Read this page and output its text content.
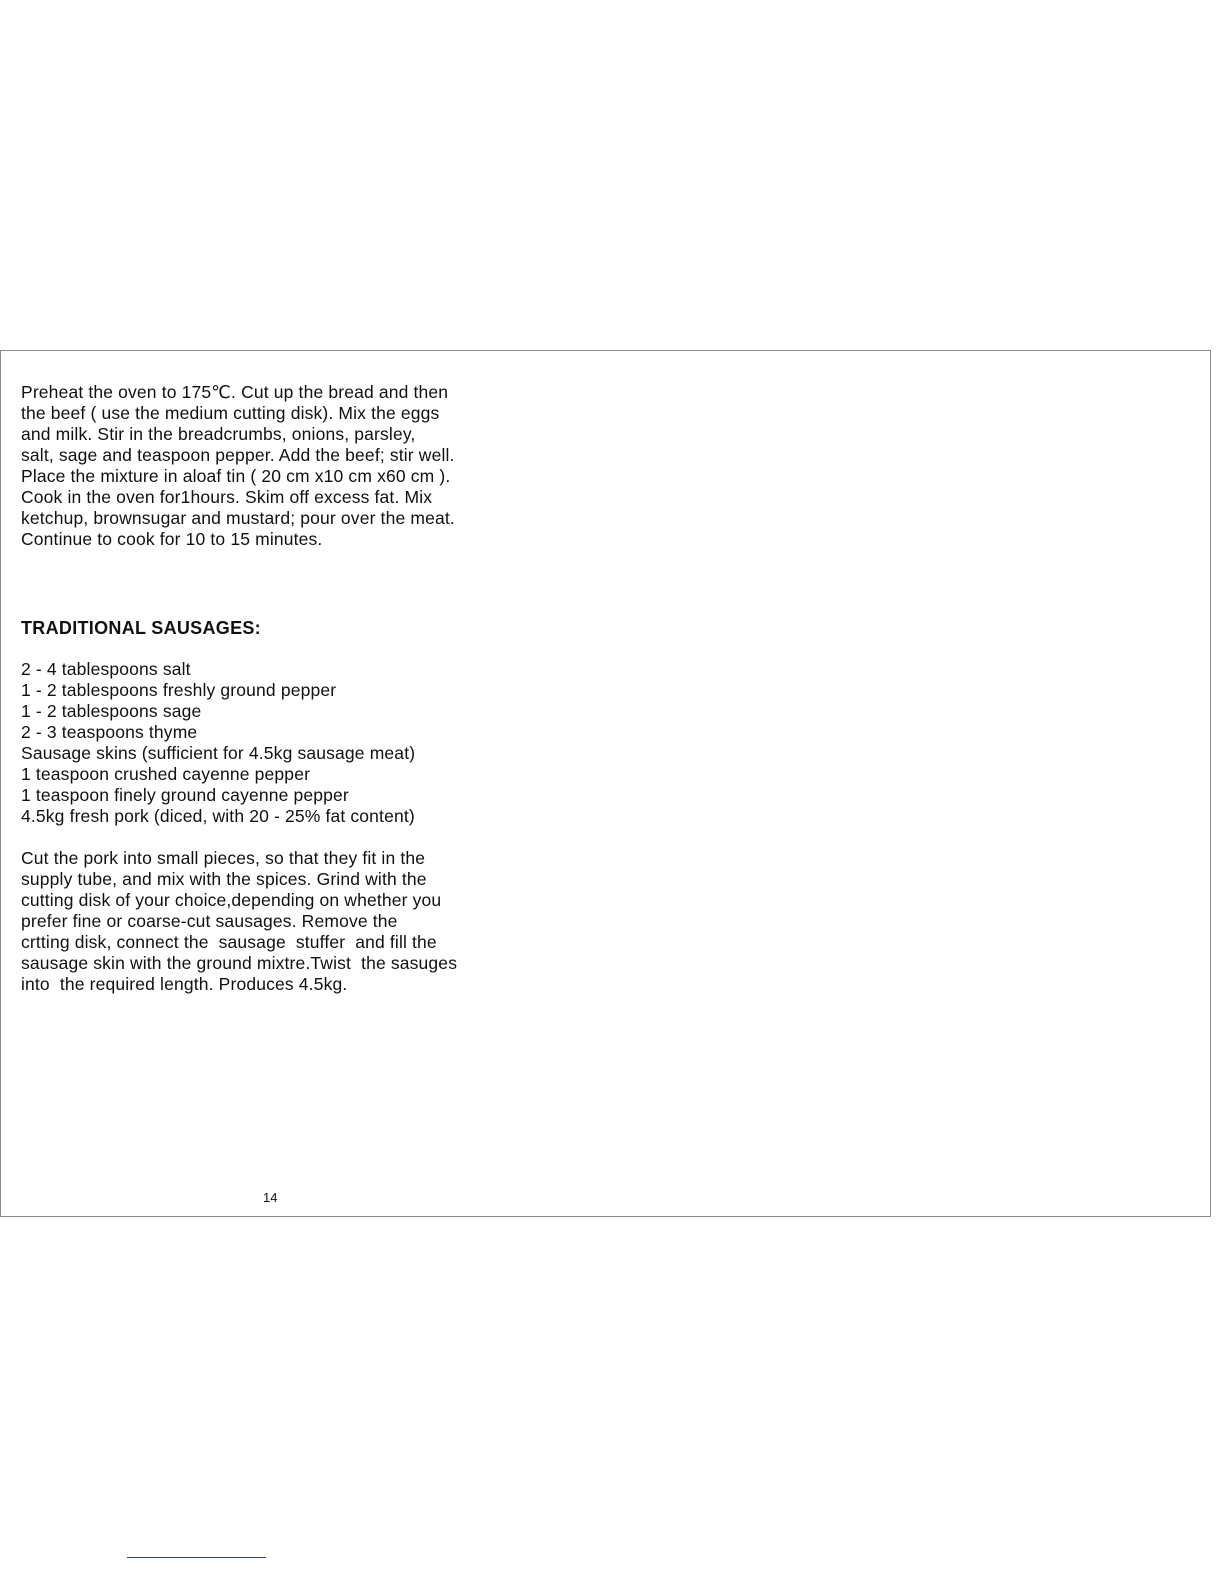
Preheat the oven to 175℃. Cut up the bread and then
the beef ( use the medium cutting disk). Mix the eggs
and milk. Stir in the breadcrumbs, onions, parsley,
salt, sage and teaspoon pepper. Add the beef; stir well.
Place the mixture in aloaf tin ( 20 cm x10 cm x60 cm ).
Cook in the oven for1hours. Skim off excess fat. Mix
ketchup, brownsugar and mustard; pour over the meat.
Continue to cook for 10 to 15 minutes.

TRADITIONAL SAUSAGES:
2 - 4 tablespoons salt
1 - 2 tablespoons freshly ground pepper
1 - 2 tablespoons sage
2 - 3 teaspoons thyme
Sausage skins (sufficient for 4.5kg sausage meat)
1 teaspoon crushed cayenne pepper
1 teaspoon finely ground cayenne pepper
4.5kg fresh pork (diced, with 20 - 25% fat content)

Cut the pork into small pieces, so that they fit in the
supply tube, and mix with the spices. Grind with the
cutting disk of your choice,depending on whether you
prefer fine or coarse-cut sausages. Remove the
crtting disk, connect the  sausage  stuffer  and fill the
sausage skin with the ground mixtre.Twist  the sasuges
into  the required length. Produces 4.5kg.

14
